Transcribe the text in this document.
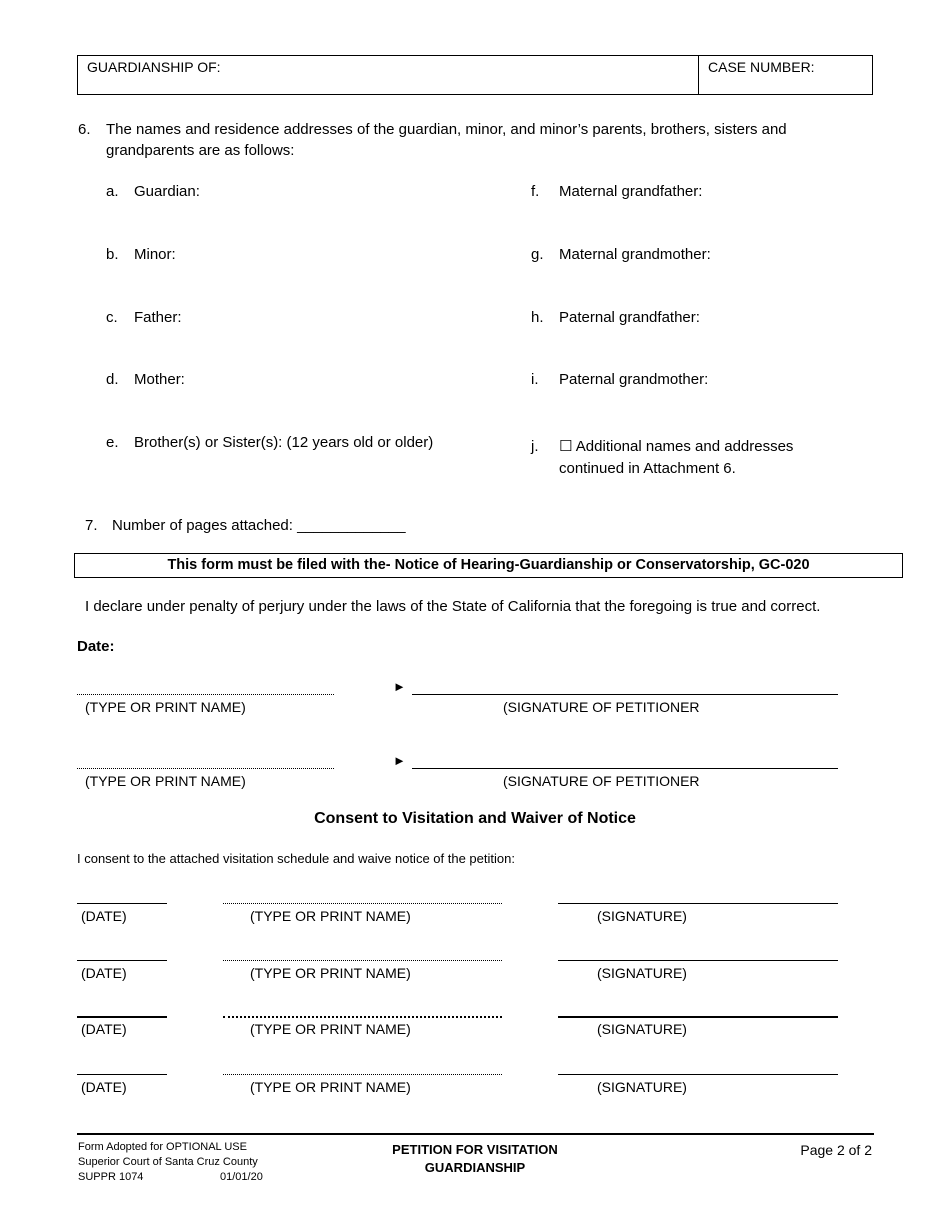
GUARDIANSHIP OF:	CASE NUMBER:
6. The names and residence addresses of the guardian, minor, and minor’s parents, brothers, sisters and
grandparents are as follows:
a. Guardian:
b. Minor:
c. Father:
d. Mother:
e. Brother(s) or Sister(s): (12 years old or older)
f. Maternal grandfather:
g. Maternal grandmother:
h. Paternal grandfather:
i. Paternal grandmother:
j. ☐ Additional names and addresses
continued in Attachment 6.
7. Number of pages attached: _____________
This form must be filed with the- Notice of Hearing-Guardianship or Conservatorship, GC-020
I declare under penalty of perjury under the laws of the State of California that the foregoing is true and correct.
Date:
(TYPE OR PRINT NAME)
►
(SIGNATURE OF PETITIONER
(TYPE OR PRINT NAME)
►
(SIGNATURE OF PETITIONER
Consent to Visitation and Waiver of Notice
I consent to the attached visitation schedule and waive notice of the petition:
(DATE)	(TYPE OR PRINT NAME)	(SIGNATURE)
(DATE)	(TYPE OR PRINT NAME)	(SIGNATURE)
(DATE)	(TYPE OR PRINT NAME)	(SIGNATURE)
(DATE)	(TYPE OR PRINT NAME)	(SIGNATURE)
Form Adopted for OPTIONAL USE
Superior Court of Santa Cruz County
SUPPR 1074	01/01/20
PETITION FOR VISITATION
GUARDIANSHIP
Page 2 of 2
